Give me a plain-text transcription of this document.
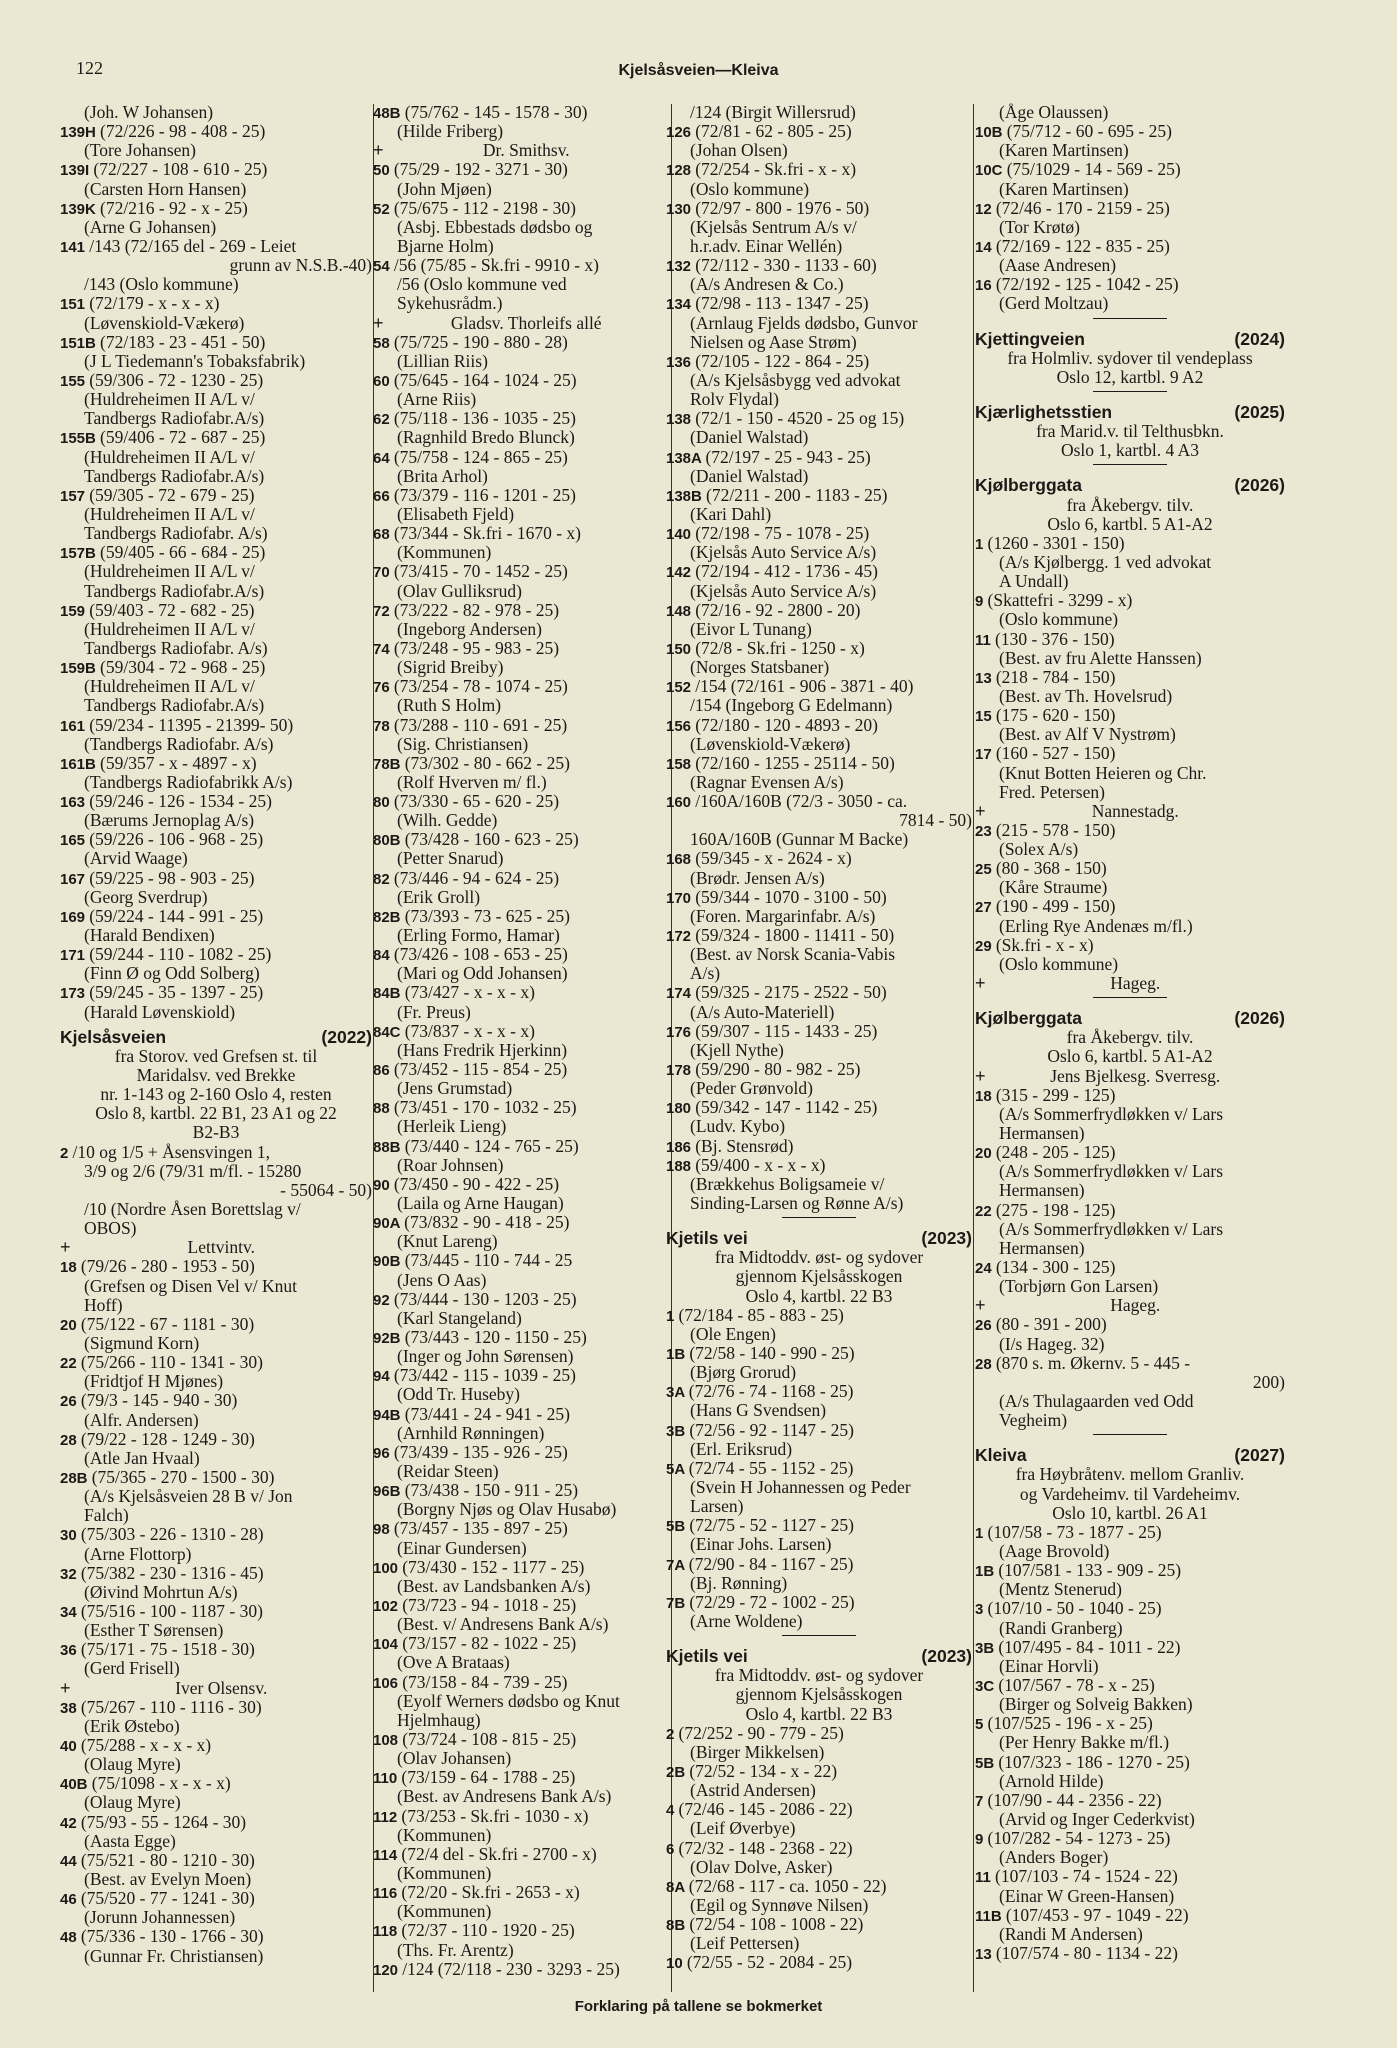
122	Kjelsåsveien—Kleiva
(Joh. W Johansen)
139H (72/226 - 98 - 408 - 25)
(Tore Johansen)
139I (72/227 - 108 - 610 - 25)
(Carsten Horn Hansen)
139K (72/216 - 92 - x - 25)
(Arne G Johansen)
141 /143 (72/165 del - 269 - Leiet
grunn av N.S.B.-40)
/143 (Oslo kommune)
151 (72/179 - x - x - x)
(Løvenskiold-Vækerø)
151B (72/183 - 23 - 451 - 50)
(J L Tiedemann's Tobaksfabrik)
155 (59/306 - 72 - 1230 - 25)
(Huldreheimen II A/L v/
Tandbergs Radiofabr.A/s)
155B (59/406 - 72 - 687 - 25)
(Huldreheimen II A/L v/
Tandbergs Radiofabr.A/s)
157 (59/305 - 72 - 679 - 25)
(Huldreheimen II A/L v/
Tandbergs Radiofabr. A/s)
157B (59/405 - 66 - 684 - 25)
(Huldreheimen II A/L v/
Tandbergs Radiofabr.A/s)
159 (59/403 - 72 - 682 - 25)
(Huldreheimen II A/L v/
Tandbergs Radiofabr. A/s)
159B (59/304 - 72 - 968 - 25)
(Huldreheimen II A/L v/
Tandbergs Radiofabr.A/s)
161 (59/234 - 11395 - 21399- 50)
(Tandbergs Radiofabr. A/s)
161B (59/357 - x - 4897 - x)
(Tandbergs Radiofabrikk A/s)
163 (59/246 - 126 - 1534 - 25)
(Bærums Jernoplag A/s)
165 (59/226 - 106 - 968 - 25)
(Arvid Waage)
167 (59/225 - 98 - 903 - 25)
(Georg Sverdrup)
169 (59/224 - 144 - 991 - 25)
(Harald Bendixen)
171 (59/244 - 110 - 1082 - 25)
(Finn Ø og Odd Solberg)
173 (59/245 - 35 - 1397 - 25)
(Harald Løvenskiold)
Kjelsåsveien	(2022)
fra Storov. ved Grefsen st. til
Maridalsv. ved Brekke
nr. 1-143 og 2-160 Oslo 4, resten
Oslo 8, kartbl. 22 B1, 23 A1 og 22
B2-B3
2 /10 og 1/5 + Åsensvingen 1,
3/9 og 2/6 (79/31 m/fl. - 15280
- 55064 - 50)
/10 (Nordre Åsen Borettslag v/
OBOS)
+	Lettvintv.
18 (79/26 - 280 - 1953 - 50)
(Grefsen og Disen Vel v/ Knut
Hoff)
20 (75/122 - 67 - 1181 - 30)
(Sigmund Korn)
22 (75/266 - 110 - 1341 - 30)
(Fridtjof H Mjønes)
26 (79/3 - 145 - 940 - 30)
(Alfr. Andersen)
28 (79/22 - 128 - 1249 - 30)
(Atle Jan Hvaal)
28B (75/365 - 270 - 1500 - 30)
(A/s Kjelsåsveien 28 B v/ Jon
Falch)
30 (75/303 - 226 - 1310 - 28)
(Arne Flottorp)
32 (75/382 - 230 - 1316 - 45)
(Øivind Mohrtun A/s)
34 (75/516 - 100 - 1187 - 30)
(Esther T Sørensen)
36 (75/171 - 75 - 1518 - 30)
(Gerd Frisell)
+	Iver Olsensv.
38 (75/267 - 110 - 1116 - 30)
(Erik Østebo)
40 (75/288 - x - x - x)
(Olaug Myre)
40B (75/1098 - x - x - x)
(Olaug Myre)
42 (75/93 - 55 - 1264 - 30)
(Aasta Egge)
44 (75/521 - 80 - 1210 - 30)
(Best. av Evelyn Moen)
46 (75/520 - 77 - 1241 - 30)
(Jorunn Johannessen)
48 (75/336 - 130 - 1766 - 30)
(Gunnar Fr. Christiansen)
48B (75/762 - 145 - 1578 - 30)
(Hilde Friberg)
+	Dr. Smithsv.
50 (75/29 - 192 - 3271 - 30)
(John Mjøen)
52 (75/675 - 112 - 2198 - 30)
(Asbj. Ebbestads dødsbo og
Bjarne Holm)
54 /56 (75/85 - Sk.fri - 9910 - x)
/56 (Oslo kommune ved
Sykehusrådm.)
+	Gladsv. Thorleifs allé
58 (75/725 - 190 - 880 - 28)
(Lillian Riis)
60 (75/645 - 164 - 1024 - 25)
(Arne Riis)
62 (75/118 - 136 - 1035 - 25)
(Ragnhild Bredo Blunck)
64 (75/758 - 124 - 865 - 25)
(Brita Arhol)
66 (73/379 - 116 - 1201 - 25)
(Elisabeth Fjeld)
68 (73/344 - Sk.fri - 1670 - x)
(Kommunen)
70 (73/415 - 70 - 1452 - 25)
(Olav Gulliksrud)
72 (73/222 - 82 - 978 - 25)
(Ingeborg Andersen)
74 (73/248 - 95 - 983 - 25)
(Sigrid Breiby)
76 (73/254 - 78 - 1074 - 25)
(Ruth S Holm)
78 (73/288 - 110 - 691 - 25)
(Sig. Christiansen)
78B (73/302 - 80 - 662 - 25)
(Rolf Hverven m/ fl.)
80 (73/330 - 65 - 620 - 25)
(Wilh. Gedde)
80B (73/428 - 160 - 623 - 25)
(Petter Snarud)
82 (73/446 - 94 - 624 - 25)
(Erik Groll)
82B (73/393 - 73 - 625 - 25)
(Erling Formo, Hamar)
84 (73/426 - 108 - 653 - 25)
(Mari og Odd Johansen)
84B (73/427 - x - x - x)
(Fr. Preus)
84C (73/837 - x - x - x)
(Hans Fredrik Hjerkinn)
86 (73/452 - 115 - 854 - 25)
(Jens Grumstad)
88 (73/451 - 170 - 1032 - 25)
(Herleik Lieng)
88B (73/440 - 124 - 765 - 25)
(Roar Johnsen)
90 (73/450 - 90 - 422 - 25)
(Laila og Arne Haugan)
90A (73/832 - 90 - 418 - 25)
(Knut Lareng)
90B (73/445 - 110 - 744 - 25
(Jens O Aas)
92 (73/444 - 130 - 1203 - 25)
(Karl Stangeland)
92B (73/443 - 120 - 1150 - 25)
(Inger og John Sørensen)
94 (73/442 - 115 - 1039 - 25)
(Odd Tr. Huseby)
94B (73/441 - 24 - 941 - 25)
(Arnhild Rønningen)
96 (73/439 - 135 - 926 - 25)
(Reidar Steen)
96B (73/438 - 150 - 911 - 25)
(Borgny Njøs og Olav Husabø)
98 (73/457 - 135 - 897 - 25)
(Einar Gundersen)
100 (73/430 - 152 - 1177 - 25)
(Best. av Landsbanken A/s)
102 (73/723 - 94 - 1018 - 25)
(Best. v/ Andresens Bank A/s)
104 (73/157 - 82 - 1022 - 25)
(Ove A Brataas)
106 (73/158 - 84 - 739 - 25)
(Eyolf Werners dødsbo og Knut
Hjelmhaug)
108 (73/724 - 108 - 815 - 25)
(Olav Johansen)
110 (73/159 - 64 - 1788 - 25)
(Best. av Andresens Bank A/s)
112 (73/253 - Sk.fri - 1030 - x)
(Kommunen)
114 (72/4 del - Sk.fri - 2700 - x)
(Kommunen)
116 (72/20 - Sk.fri - 2653 - x)
(Kommunen)
118 (72/37 - 110 - 1920 - 25)
(Ths. Fr. Arentz)
120 /124 (72/118 - 230 - 3293 - 25)
/124 (Birgit Willersrud)
126 (72/81 - 62 - 805 - 25)
(Johan Olsen)
128 (72/254 - Sk.fri - x - x)
(Oslo kommune)
130 (72/97 - 800 - 1976 - 50)
(Kjelsås Sentrum A/s v/
h.r.adv. Einar Wellén)
132 (72/112 - 330 - 1133 - 60)
(A/s Andresen & Co.)
134 (72/98 - 113 - 1347 - 25)
(Arnlaug Fjelds dødsbo, Gunvor
Nielsen og Aase Strøm)
136 (72/105 - 122 - 864 - 25)
(A/s Kjelsåsbygg ved advokat
Rolv Flydal)
138 (72/1 - 150 - 4520 - 25 og 15)
(Daniel Walstad)
138A (72/197 - 25 - 943 - 25)
(Daniel Walstad)
138B (72/211 - 200 - 1183 - 25)
(Kari Dahl)
140 (72/198 - 75 - 1078 - 25)
(Kjelsås Auto Service A/s)
142 (72/194 - 412 - 1736 - 45)
(Kjelsås Auto Service A/s)
148 (72/16 - 92 - 2800 - 20)
(Eivor L Tunang)
150 (72/8 - Sk.fri - 1250 - x)
(Norges Statsbaner)
152 /154 (72/161 - 906 - 3871 - 40)
/154 (Ingeborg G Edelmann)
156 (72/180 - 120 - 4893 - 20)
(Løvenskiold-Vækerø)
158 (72/160 - 1255 - 25114 - 50)
(Ragnar Evensen A/s)
160 /160A/160B (72/3 - 3050 - ca.
7814 - 50)
160A/160B (Gunnar M Backe)
168 (59/345 - x - 2624 - x)
(Brødr. Jensen A/s)
170 (59/344 - 1070 - 3100 - 50)
(Foren. Margarinfabr. A/s)
172 (59/324 - 1800 - 11411 - 50)
(Best. av Norsk Scania-Vabis
A/s)
174 (59/325 - 2175 - 2522 - 50)
(A/s Auto-Materiell)
176 (59/307 - 115 - 1433 - 25)
(Kjell Nythe)
178 (59/290 - 80 - 982 - 25)
(Peder Grønvold)
180 (59/342 - 147 - 1142 - 25)
(Ludv. Kybo)
186 (Bj. Stensrød)
188 (59/400 - x - x - x)
(Brækkehus Boligsameie v/
Sinding-Larsen og Rønne A/s)
Kjetils vei	(2023)
fra Midtoddv. øst- og sydover
gjennom Kjelsåsskogen
Oslo 4, kartbl. 22 B3
1 (72/184 - 85 - 883 - 25)
(Ole Engen)
1B (72/58 - 140 - 990 - 25)
(Bjørg Grorud)
3A (72/76 - 74 - 1168 - 25)
(Hans G Svendsen)
3B (72/56 - 92 - 1147 - 25)
(Erl. Eriksrud)
5A (72/74 - 55 - 1152 - 25)
(Svein H Johannessen og Peder
Larsen)
5B (72/75 - 52 - 1127 - 25)
(Einar Johs. Larsen)
7A (72/90 - 84 - 1167 - 25)
(Bj. Rønning)
7B (72/29 - 72 - 1002 - 25)
(Arne Woldene)
Kjetils vei	(2023)
fra Midtoddv. øst- og sydover
gjennom Kjelsåsskogen
Oslo 4, kartbl. 22 B3
2 (72/252 - 90 - 779 - 25)
(Birger Mikkelsen)
2B (72/52 - 134 - x - 22)
(Astrid Andersen)
4 (72/46 - 145 - 2086 - 22)
(Leif Øverbye)
6 (72/32 - 148 - 2368 - 22)
(Olav Dolve, Asker)
8A (72/68 - 117 - ca. 1050 - 22)
(Egil og Synnøve Nilsen)
8B (72/54 - 108 - 1008 - 22)
(Leif Pettersen)
10 (72/55 - 52 - 2084 - 25)
(Åge Olaussen)
10B (75/712 - 60 - 695 - 25)
(Karen Martinsen)
10C (75/1029 - 14 - 569 - 25)
(Karen Martinsen)
12 (72/46 - 170 - 2159 - 25)
(Tor Krøtø)
14 (72/169 - 122 - 835 - 25)
(Aase Andresen)
16 (72/192 - 125 - 1042 - 25)
(Gerd Moltzau)
Kjettingveien	(2024)
fra Holmliv. sydover til vendeplass
Oslo 12, kartbl. 9 A2
Kjærlighetsstien	(2025)
fra Marid.v. til Telthusbkn.
Oslo 1, kartbl. 4 A3
Kjølberggata	(2026)
fra Åkebergv. tilv.
Oslo 6, kartbl. 5 A1-A2
1 (1260 - 3301 - 150)
(A/s Kjølbergg. 1 ved advokat
A Undall)
9 (Skattefri - 3299 - x)
(Oslo kommune)
11 (130 - 376 - 150)
(Best. av fru Alette Hanssen)
13 (218 - 784 - 150)
(Best. av Th. Hovelsrud)
15 (175 - 620 - 150)
(Best. av Alf V Nystrøm)
17 (160 - 527 - 150)
(Knut Botten Heieren og Chr.
Fred. Petersen)
+	Nannestadg.
23 (215 - 578 - 150)
(Solex A/s)
25 (80 - 368 - 150)
(Kåre Straume)
27 (190 - 499 - 150)
(Erling Rye Andenæs m/fl.)
29 (Sk.fri - x - x)
(Oslo kommune)
+	Hageg.
Kjølberggata	(2026)
fra Åkebergv. tilv.
Oslo 6, kartbl. 5 A1-A2
+	Jens Bjelkesg. Sverresg.
18 (315 - 299 - 125)
(A/s Sommerfrydløkken v/ Lars
Hermansen)
20 (248 - 205 - 125)
(A/s Sommerfrydløkken v/ Lars
Hermansen)
22 (275 - 198 - 125)
(A/s Sommerfrydløkken v/ Lars
Hermansen)
24 (134 - 300 - 125)
(Torbjørn Gon Larsen)
+	Hageg.
26 (80 - 391 - 200)
(I/s Hageg. 32)
28 (870 s. m. Økernv. 5 - 445 -
200)
(A/s Thulagaarden ved Odd
Vegheim)
Kleiva	(2027)
fra Høybråtenv. mellom Granliv.
og Vardeheimv. til Vardeheimv.
Oslo 10, kartbl. 26 A1
1 (107/58 - 73 - 1877 - 25)
(Aage Brovold)
1B (107/581 - 133 - 909 - 25)
(Mentz Stenerud)
3 (107/10 - 50 - 1040 - 25)
(Randi Granberg)
3B (107/495 - 84 - 1011 - 22)
(Einar Horvli)
3C (107/567 - 78 - x - 25)
(Birger og Solveig Bakken)
5 (107/525 - 196 - x - 25)
(Per Henry Bakke m/fl.)
5B (107/323 - 186 - 1270 - 25)
(Arnold Hilde)
7 (107/90 - 44 - 2356 - 22)
(Arvid og Inger Cederkvist)
9 (107/282 - 54 - 1273 - 25)
(Anders Boger)
11 (107/103 - 74 - 1524 - 22)
(Einar W Green-Hansen)
11B (107/453 - 97 - 1049 - 22)
(Randi M Andersen)
13 (107/574 - 80 - 1134 - 22)
Forklaring på tallene se bokmerket
